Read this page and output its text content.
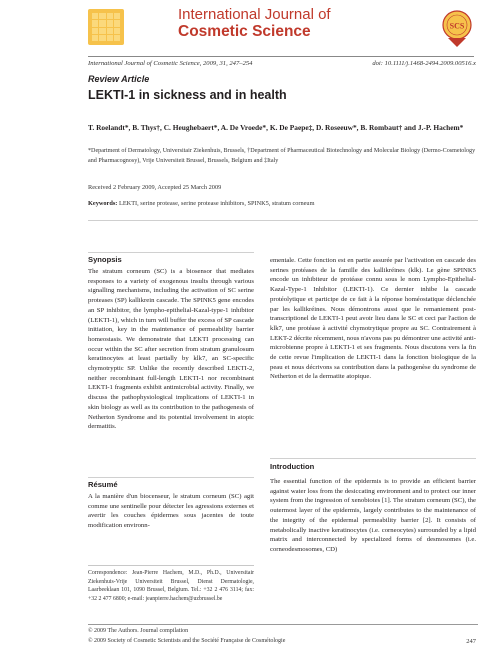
International Journal of
Cosmetic Science	SCS
International Journal of Cosmetic Science, 2009, 31, 247–254	doi: 10.1111/j.1468-2494.2009.00516.x
Review Article
LEKTI-1 in sickness and in health
T. Roelandt*, B. Thys†, C. Heughebaert*, A. De Vroede*, K. De Paepe‡, D. Roseeuw*, B. Rombaut† and J.-P. Hachem*
*Department of Dermatology, Universitair Ziekenhuis, Brussels, †Department of Pharmaceutical Biotechnology and Molecular Biology (Dermo-Cosmetology and Pharmacognosy), Vrije Universiteit Brussel, Brussels, Belgium and ‡Italy
Received 2 February 2009, Accepted 25 March 2009
Keywords: LEKTI, serine protease, serine protease inhibitors, SPINK5, stratum corneum
Synopsis
The stratum corneum (SC) is a biosensor that mediates responses to a variety of exogenous insults through various signalling mechanisms, including the activation of SC serine proteases (SP) kallikrein cascade. The SPINK5 gene encodes an SP inhibitor, the lympho-epithelial-Kazal-type-1 inhibitor (LEKTI-1), which in turn will buffer the excess of SP cascade initiation, key in the maintenance of permeability barrier homeostasis. We demonstrate that LEKTI processing can occur within the SC after secretion from stratum granulosum keratinocytes at least partially by klk7, an SC-specific chymotryptic SP. Unlike the recently described LEKTI-2, neither recombinant full-length LEKTI-1 nor recombinant LEKTI-1 fragments exhibit antimicrobial activity. Finally, we discuss the pathophysiological implications of LEKTI-1 in skin biology as well as its contribution to the pathogenesis of Netherton Syndrome and its potential involvement in atopic dermatitis.
Résumé
A la manière d'un bioсenseur, le stratum corneum (SC) agit comme une sentinelle pour détecter les agressions externes et avertir les couches épidermes sous jacentes de toute modification environn-
Correspondence: Jean-Pierre Hachem, M.D., Ph.D., Universitair Ziekenhuis-Vrije Universiteit Brussel, Dienst Dermatologie, Laarbeeklaan 101, 1090 Brussel, Belgium. Tel.: +32 2 476 3114; fax: +32 2 477 6800; e-mail: jeanpierre.hachem@uzbrussel.be
ementale. Cette fonction est en partie assurée par l'activation en cascade des serines protéases de la famille des kallikréines (klk). Le gène SPINK5 encode un inhibiteur de protéase connu sous le nom Lympho-Epithelial-Kazal-Type-1 Inhibitor (LEKTI-1). Ce dernier inhibe la cascade protéolytique et participe de ce fait à la réponse homéostatique déclenchée par les kallikréines. Nous démontrons aussi que le remaniement post-transcriptionel de LEKTI-1 peut avoir lieu dans le SC et ceci par l'action de klk7, une protéase à activité chymotrytique propre au SC. Contrairement à LEKT-2 décrite récemment, nous n'avons pas pu démontrer une activité anti-microbienne propre à LEKTI-1 et ses fragments. Nous discutons vers la fin de cette revue l'implication de LEKTI-1 dans la fonction biologique de la peau et nous décrivons sa contribution dans la pathogenèse du syndrome de Netherton et de la dermatite atopique.
Introduction
The essential function of the epidermis is to provide an efficient barrier against water loss from the desiccating environment and to protect our inner system from the ingression of xenobiotes [1]. The stratum corneum (SC), the outermost layer of the epidermis, largely contributes to the maintenance of the integrity of the epidermal permeability barrier [2]. It consists of metabolically inactive keratinocytes (i.e. corneocytes) surrounded by a lipid matrix and interconnected by specialized forms of desmosomes (i.e. corneodesmosomes, CD)
© 2009 The Authors. Journal compilation
© 2009 Society of Cosmetic Scientists and the Société Française de Cosmétologie	247
